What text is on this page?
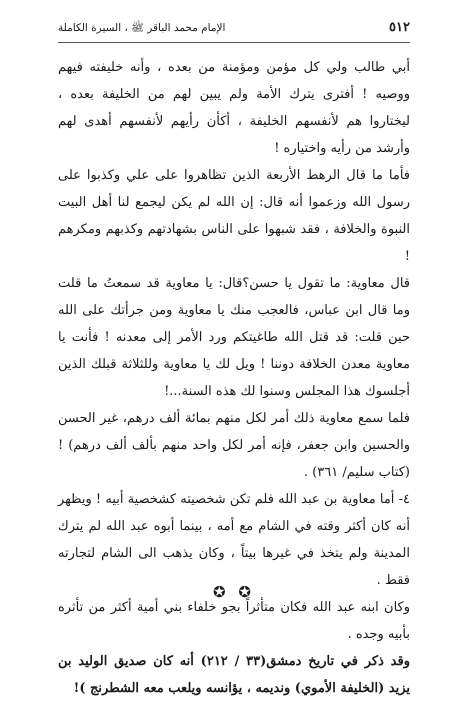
الإمام محمد الباقر ﷺ ، السيرة الكاملة	٥١٢

أبي طالب ولي كل مؤمن ومؤمنة من بعده ، وأنه خليفته فيهم ووصيه ! أفترى يترك الأمة ولم يبين لهم من الخليفة بعده ، ليختاروا هم لأنفسهم الخليفة ، أكأن رأيهم لأنفسهم أهدى لهم وأرشد من رأيه واختياره !

فأما ما قال الرهط الأربعة الذين تظاهروا على علي وكذبوا على رسول الله وزعموا أنه قال: إن الله لم يكن ليجمع لنا أهل البيت النبوة والخلافة ، فقد شبهوا على الناس بشهادتهم وكذبهم ومكرهم !

قال معاوية: ما تقول يا حسن؟قال: يا معاوية قد سمعتُ ما قلت وما قال ابن عباس، فالعجب منك يا معاوية ومن جرأتك على الله حين قلت: قد قتل الله طاغيتكم ورد الأمر إلى معدنه ! فأنت يا معاوية معدن الخلافة دوننا ! ويل لك يا معاوية وللثلاثة قبلك الذين أجلسوك هذا المجلس وسنوا لك هذه السنة...!

فلما سمع معاوية ذلك أمر لكل منهم بمائة ألف درهم، غير الحسن والحسين وابن جعفر، فإنه أمر لكل واحد منهم بألف ألف درهم) ! (كتاب سليم/ ٣٦١) .

٤- أما معاوية بن عبد الله فلم تكن شخصيته كشخصية أبيه ! ويظهر أنه كان أكثر وقته في الشام مع أمه ، بينما أبوه عبد الله لم يترك المدينة ولم يتخذ في غيرها بيتاً ، وكان يذهب الى الشام لتجارته فقط .

وكان ابنه عبد الله فكان متأثراً بجو خلفاء بني أمية أكثر من تأثره بأبيه وجده .

وقد ذكر في تاريخ دمشق(٣٣ / ٢١٢) أنه كان صديق الوليد بن يزيد (الخليفة الأموي) ونديمه ، يؤانسه ويلعب معه الشطرنج )!

✪ ✪
